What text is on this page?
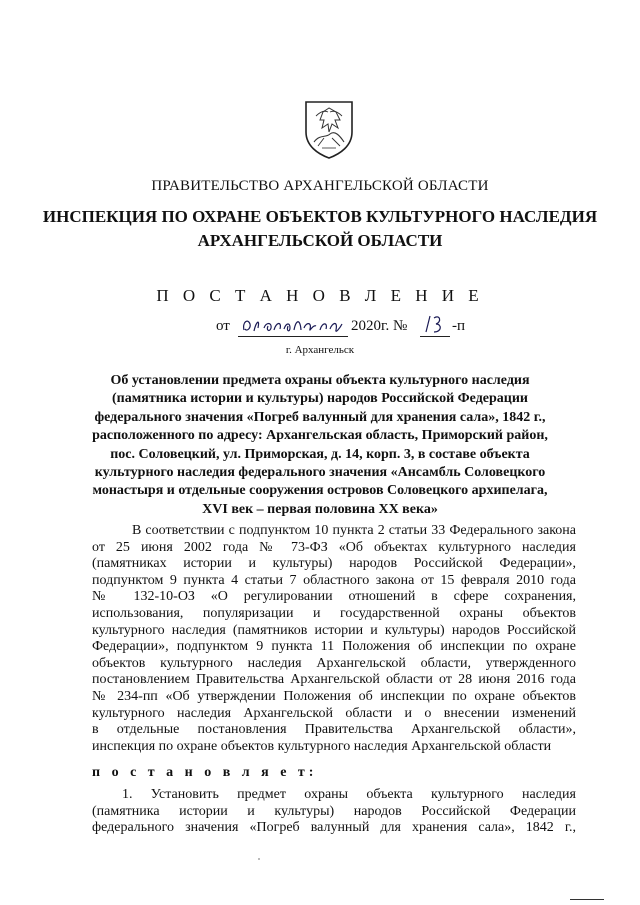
ПРАВИТЕЛЬСТВО АРХАНГЕЛЬСКОЙ ОБЛАСТИ
ИНСПЕКЦИЯ ПО ОХРАНЕ ОБЪЕКТОВ КУЛЬТУРНОГО НАСЛЕДИЯ
АРХАНГЕЛЬСКОЙ ОБЛАСТИ
П О С Т А Н О В Л Е Н И Е
от	2020г. №	-п
г. Архангельск
Об установлении предмета охраны объекта культурного наследия
(памятника истории и культуры) народов Российской Федерации
федерального значения «Погреб валунный для хранения сала», 1842 г.,
расположенного по адресу: Архангельская область, Приморский район,
пос. Соловецкий, ул. Приморская, д. 14, корп. 3, в составе объекта
культурного наследия федерального значения «Ансамбль Соловецкого
монастыря и отдельные сооружения островов Соловецкого архипелага,
XVI век – первая половина XX века»
В соответствии с подпунктом 10 пункта 2 статьи 33 Федерального закона
от 25 июня 2002 года № 73-ФЗ «Об объектах культурного наследия
(памятниках истории и культуры) народов Российской Федерации»,
подпунктом 9 пункта 4 статьи 7 областного закона от 15 февраля 2010 года
№ 132-10-ОЗ «О регулировании отношений в сфере сохранения,
использования, популяризации и государственной охраны объектов
культурного наследия (памятников истории и культуры) народов Российской
Федерации», подпунктом 9 пункта 11 Положения об инспекции по охране
объектов культурного наследия Архангельской области, утвержденного
постановлением Правительства Архангельской области от 28 июня 2016 года
№ 234-пп «Об утверждении Положения об инспекции по охране объектов
культурного наследия Архангельской области и о внесении изменений
в отдельные постановления Правительства Архангельской области»,
инспекция по охране объектов культурного наследия Архангельской области
п о с т а н о в л я е т:
1. Установить предмет охраны объекта культурного наследия
(памятника истории и культуры) народов Российской Федерации
федерального значения «Погреб валунный для хранения сала», 1842 г.,
